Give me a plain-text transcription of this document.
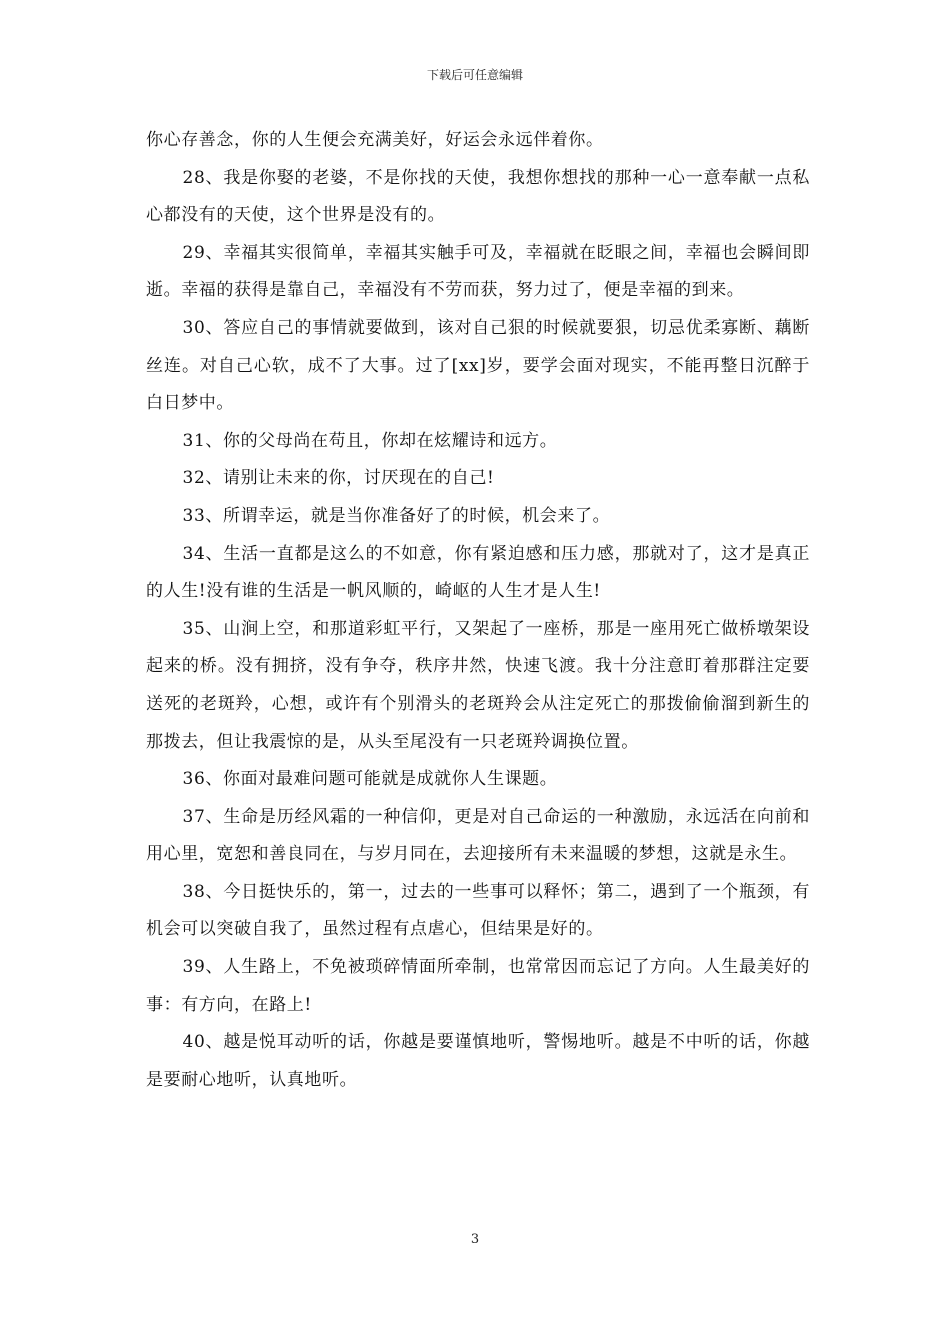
下载后可任意编辑

你心存善念，你的人生便会充满美好，好运会永远伴着你。

28、我是你娶的老婆，不是你找的天使，我想你想找的那种一心一意奉献一点私心都没有的天使，这个世界是没有的。

29、幸福其实很简单，幸福其实触手可及，幸福就在眨眼之间，幸福也会瞬间即逝。幸福的获得是靠自己，幸福没有不劳而获，努力过了，便是幸福的到来。

30、答应自己的事情就要做到，该对自己狠的时候就要狠，切忌优柔寡断、藕断丝连。对自己心软，成不了大事。过了[xx]岁，要学会面对现实，不能再整日沉醉于白日梦中。

31、你的父母尚在苟且，你却在炫耀诗和远方。

32、请别让未来的你，讨厌现在的自己!

33、所谓幸运，就是当你准备好了的时候，机会来了。

34、生活一直都是这么的不如意，你有紧迫感和压力感，那就对了，这才是真正的人生!没有谁的生活是一帆风顺的，崎岖的人生才是人生!

35、山涧上空，和那道彩虹平行，又架起了一座桥，那是一座用死亡做桥墩架设起来的桥。没有拥挤，没有争夺，秩序井然，快速飞渡。我十分注意盯着那群注定要送死的老斑羚，心想，或许有个别滑头的老斑羚会从注定死亡的那拨偷偷溜到新生的那拨去，但让我震惊的是，从头至尾没有一只老斑羚调换位置。

36、你面对最难问题可能就是成就你人生课题。

37、生命是历经风霜的一种信仰，更是对自己命运的一种激励，永远活在向前和用心里，宽恕和善良同在，与岁月同在，去迎接所有未来温暖的梦想，这就是永生。

38、今日挺快乐的，第一，过去的一些事可以释怀；第二，遇到了一个瓶颈，有机会可以突破自我了，虽然过程有点虐心，但结果是好的。

39、人生路上，不免被琐碎情面所牵制，也常常因而忘记了方向。人生最美好的事：有方向，在路上!

40、越是悦耳动听的话，你越是要谨慎地听，警惕地听。越是不中听的话，你越是要耐心地听，认真地听。

3
